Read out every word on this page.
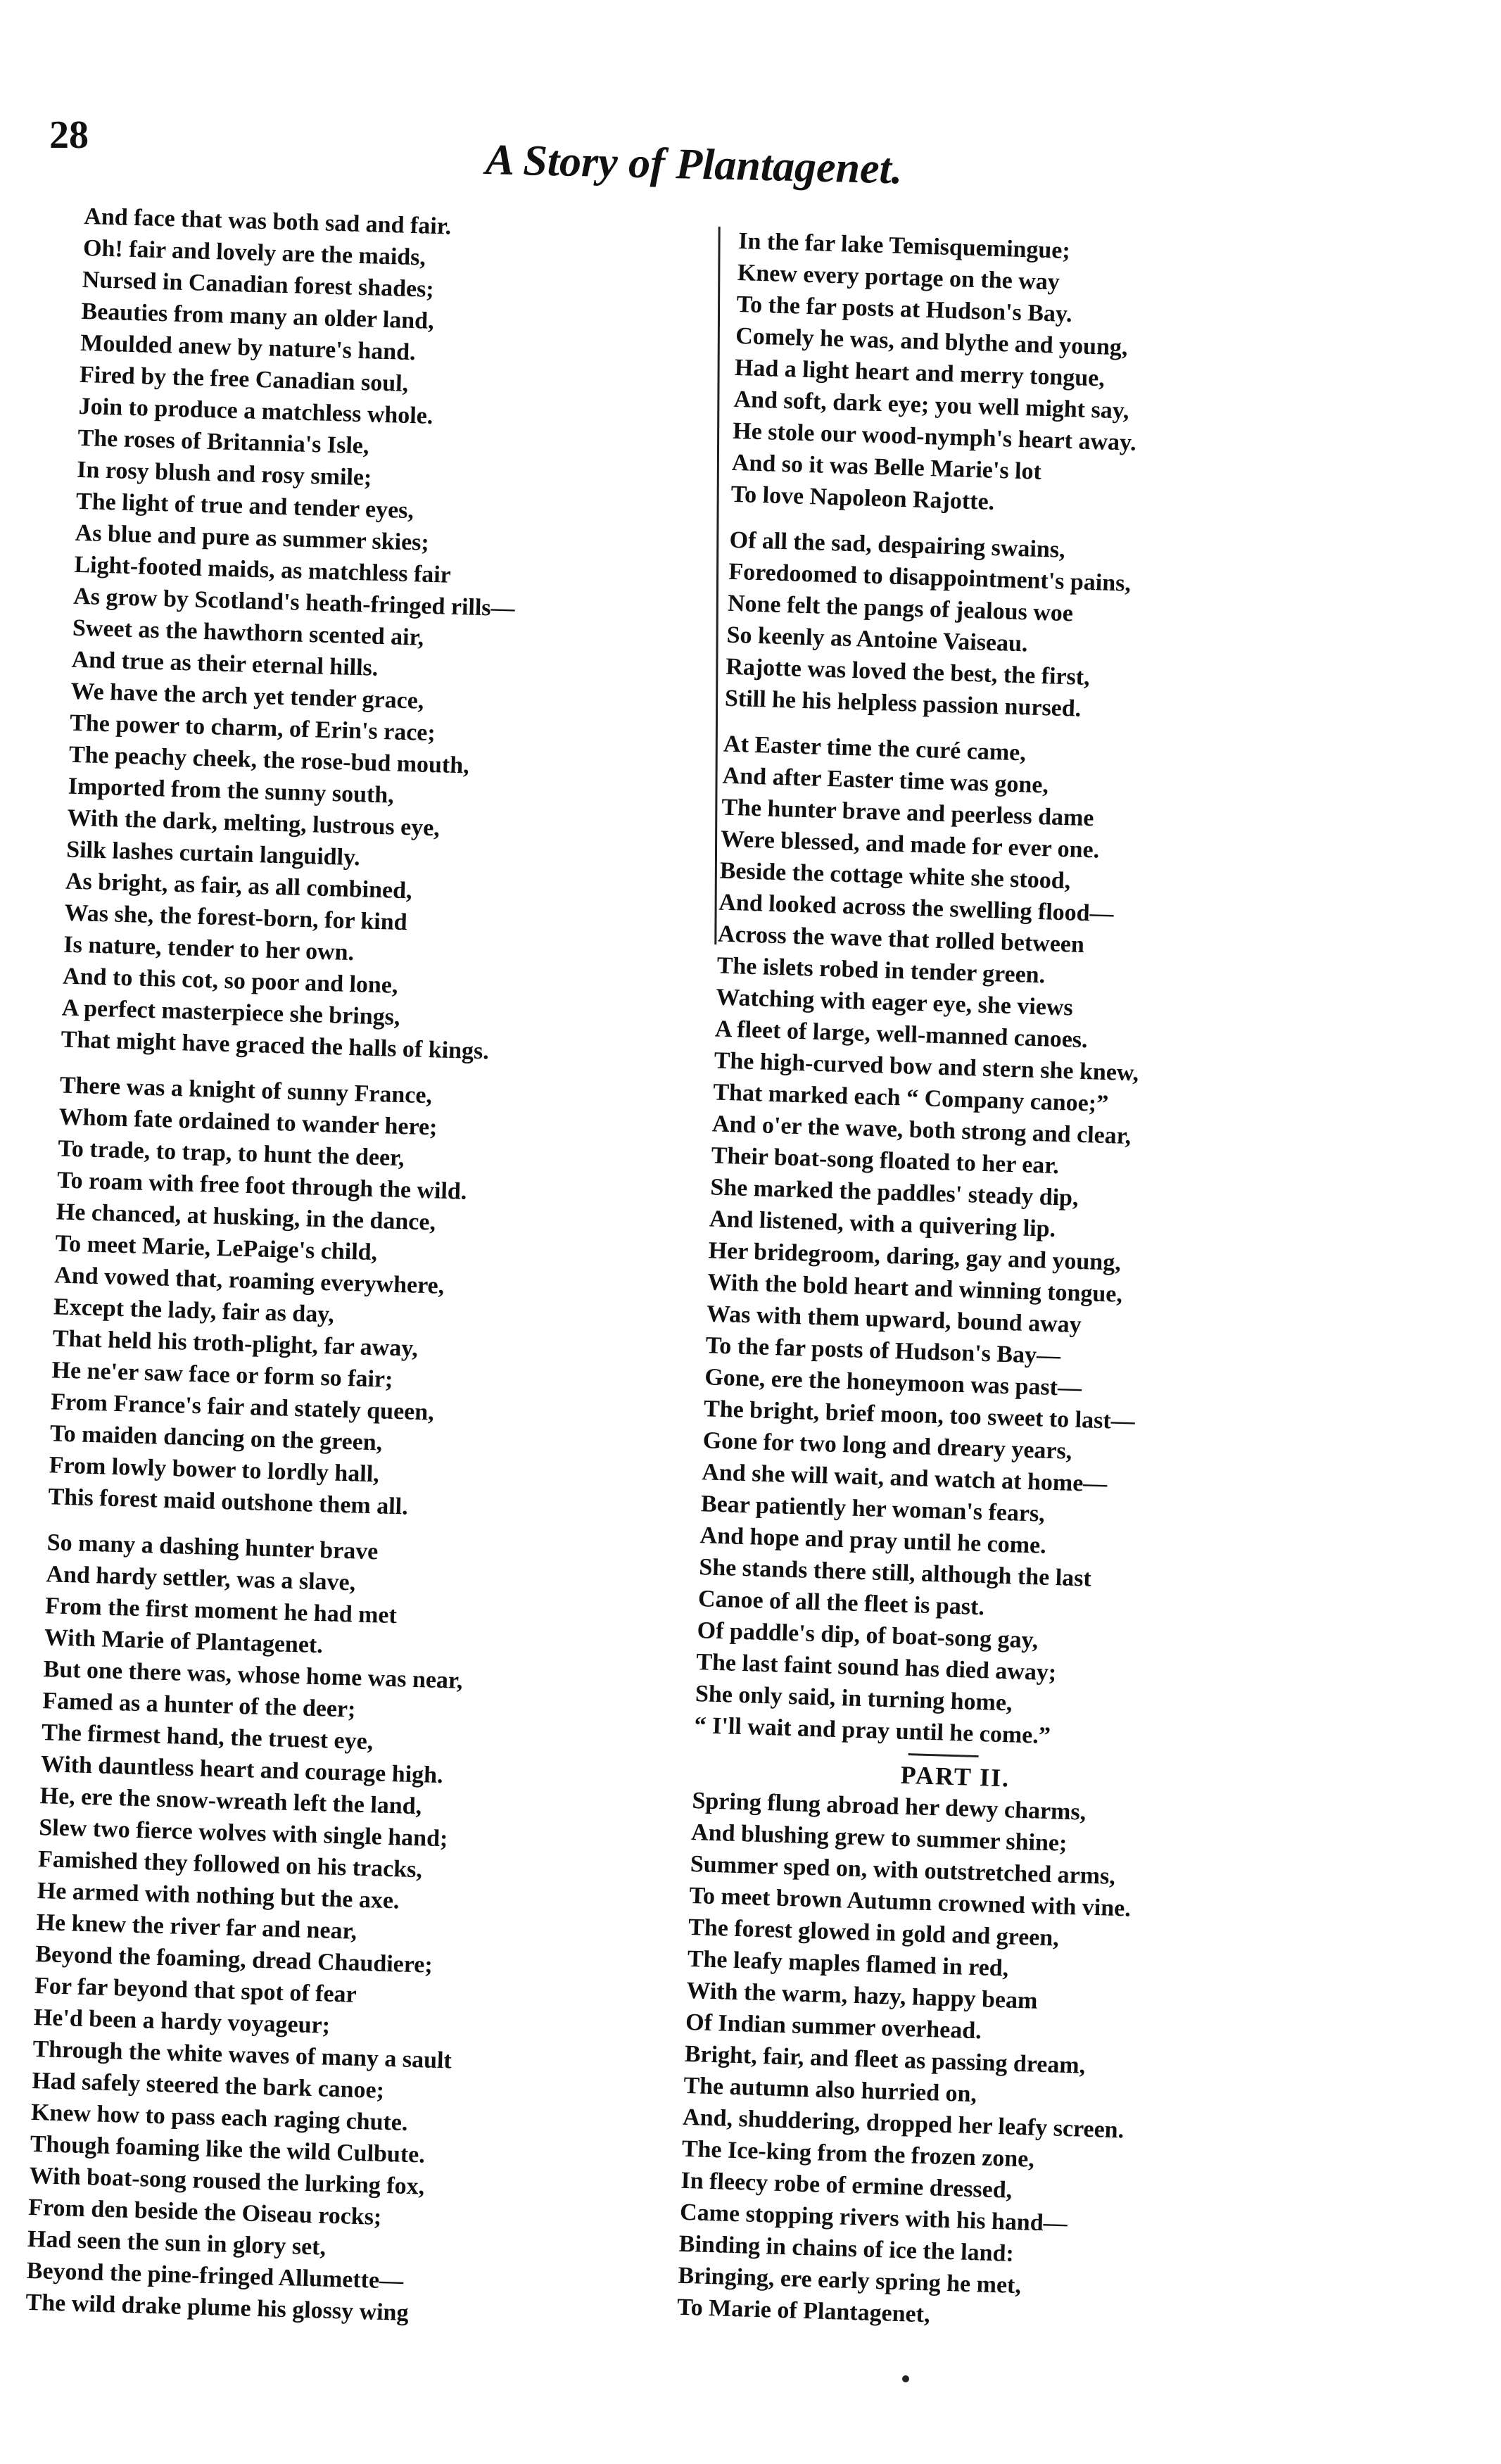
28
A Story of Plantagenet.

And face that was both sad and fair.
Oh! fair and lovely are the maids,
Nursed in Canadian forest shades;
Beauties from many an older land,
Moulded anew by nature's hand.
Fired by the free Canadian soul,
Join to produce a matchless whole.
The roses of Britannia's Isle,
In rosy blush and rosy smile;
The light of true and tender eyes,
As blue and pure as summer skies;
Light-footed maids, as matchless fair
As grow by Scotland's heath-fringed rills—
Sweet as the hawthorn scented air,
And true as their eternal hills.
We have the arch yet tender grace,
The power to charm, of Erin's race;
The peachy cheek, the rose-bud mouth,
Imported from the sunny south,
With the dark, melting, lustrous eye,
Silk lashes curtain languidly.
As bright, as fair, as all combined,
Was she, the forest-born, for kind
Is nature, tender to her own.
And to this cot, so poor and lone,
A perfect masterpiece she brings,
That might have graced the halls of kings.

There was a knight of sunny France,
Whom fate ordained to wander here;
To trade, to trap, to hunt the deer,
To roam with free foot through the wild.
He chanced, at husking, in the dance,
To meet Marie, LePaige's child,
And vowed that, roaming everywhere,
Except the lady, fair as day,
That held his troth-plight, far away,
He ne'er saw face or form so fair;
From France's fair and stately queen,
To maiden dancing on the green,
From lowly bower to lordly hall,
This forest maid outshone them all.

So many a dashing hunter brave
And hardy settler, was a slave,
From the first moment he had met
With Marie of Plantagenet.
But one there was, whose home was near,
Famed as a hunter of the deer;
The firmest hand, the truest eye,
With dauntless heart and courage high.
He, ere the snow-wreath left the land,
Slew two fierce wolves with single hand;
Famished they followed on his tracks,
He armed with nothing but the axe.
He knew the river far and near,
Beyond the foaming, dread Chaudiere;
For far beyond that spot of fear
He'd been a hardy voyageur;
Through the white waves of many a sault
Had safely steered the bark canoe;
Knew how to pass each raging chute.
Though foaming like the wild Culbute.
With boat-song roused the lurking fox,
From den beside the Oiseau rocks;
Had seen the sun in glory set,
Beyond the pine-fringed Allumette—
The wild drake plume his glossy wing

In the far lake Temisquemingue;
Knew every portage on the way
To the far posts at Hudson's Bay.
Comely he was, and blythe and young,
Had a light heart and merry tongue,
And soft, dark eye; you well might say,
He stole our wood-nymph's heart away.
And so it was Belle Marie's lot
To love Napoleon Rajotte.

Of all the sad, despairing swains,
Foredoomed to disappointment's pains,
None felt the pangs of jealous woe
So keenly as Antoine Vaiseau.
Rajotte was loved the best, the first,
Still he his helpless passion nursed.

At Easter time the curé came,
And after Easter time was gone,
The hunter brave and peerless dame
Were blessed, and made for ever one.
Beside the cottage white she stood,
And looked across the swelling flood—
Across the wave that rolled between
The islets robed in tender green.
Watching with eager eye, she views
A fleet of large, well-manned canoes.
The high-curved bow and stern she knew,
That marked each “ Company canoe;”
And o'er the wave, both strong and clear,
Their boat-song floated to her ear.
She marked the paddles' steady dip,
And listened, with a quivering lip.
Her bridegroom, daring, gay and young,
With the bold heart and winning tongue,
Was with them upward, bound away
To the far posts of Hudson's Bay—
Gone, ere the honeymoon was past—
The bright, brief moon, too sweet to last—
Gone for two long and dreary years,
And she will wait, and watch at home—
Bear patiently her woman's fears,
And hope and pray until he come.
She stands there still, although the last
Canoe of all the fleet is past.
Of paddle's dip, of boat-song gay,
The last faint sound has died away;
She only said, in turning home,
“ I'll wait and pray until he come.”

PART II.

Spring flung abroad her dewy charms,
And blushing grew to summer shine;
Summer sped on, with outstretched arms,
To meet brown Autumn crowned with vine.
The forest glowed in gold and green,
The leafy maples flamed in red,
With the warm, hazy, happy beam
Of Indian summer overhead.
Bright, fair, and fleet as passing dream,
The autumn also hurried on,
And, shuddering, dropped her leafy screen.
The Ice-king from the frozen zone,
In fleecy robe of ermine dressed,
Came stopping rivers with his hand—
Binding in chains of ice the land:
Bringing, ere early spring he met,
To Marie of Plantagenet,
